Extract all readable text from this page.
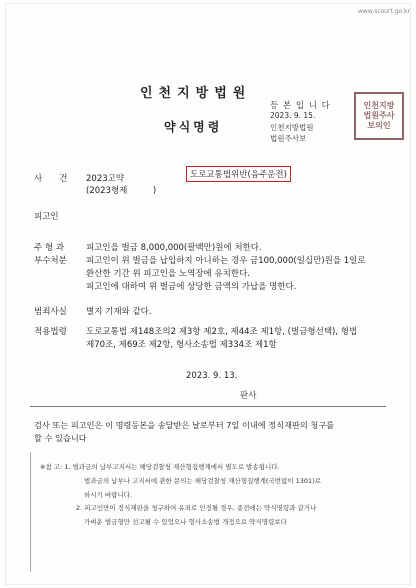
www.scourt.go.kr
인천지방법원
약식명령
등 본 입 니 다
2023. 9. 15.
인천지방법원
법원주사보
인천지방
법원주사
보의인
사　　건 2023고약	도로교통법위반(음주운전)
(2023형제　　　)
피고인
주 형 과
부수처분
피고인을 벌금 8,000,000(팔백만)원에 처한다.
피고인이 위 벌금을 납입하지 아니하는 경우 금100,000(일십만)원을 1일로
환산한 기간 위 피고인을 노역장에 유치한다.
피고인에 대하여 위 벌금에 상당한 금액의 가납을 명한다.
범죄사실 별지 기재와 같다.
적용법령 도로교통법 제148조의2 제3항 제2호, 제44조 제1항, (벌금형선택), 형법
제70조, 제69조 제2항, 형사소송법 제334조 제1항
2023. 9. 13.
판사
검사 또는 피고인은 이 명령등본을 송달받은 날로부터 7일 이내에 정식재판의 청구를
할 수 있습니다
※참 고: 1. 벌과금의 납부고지서는 해당검찰청 재산형집행계에서 별도로 발송됩니다.
벌과금의 납부나 고지서에 관한 문의는 해당검찰청 재산형집행계(국번없이 1301)로
하시기 바랍니다.
2. 피고인만이 정식재판을 청구하여 유죄로 인정될 경우, 종전에는 약식명령과 같거나
가벼운 벌금형만 선고될 수 있었으나 형사소송법 개정으로 약식명령보다
